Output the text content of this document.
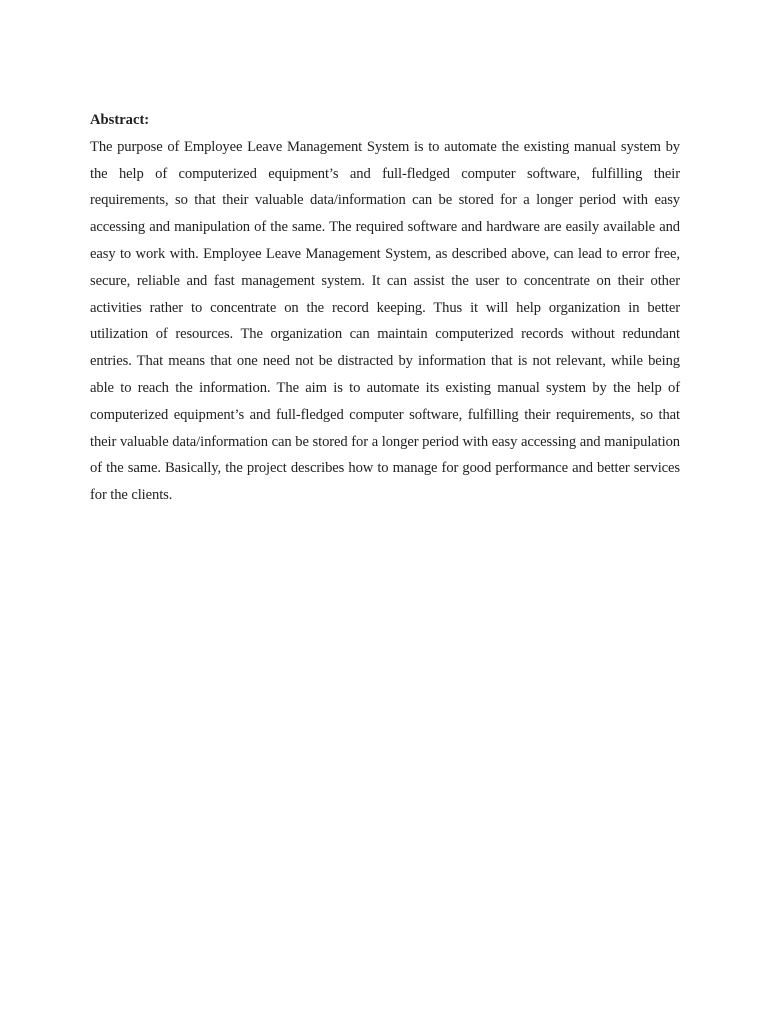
Abstract:

The purpose of Employee Leave Management System is to automate the existing manual system by the help of computerized equipment’s and full-fledged computer software, fulfilling their requirements, so that their valuable data/information can be stored for a longer period with easy accessing and manipulation of the same. The required software and hardware are easily available and easy to work with. Employee Leave Management System, as described above, can lead to error free, secure, reliable and fast management system. It can assist the user to concentrate on their other activities rather to concentrate on the record keeping. Thus it will help organization in better utilization of resources. The organization can maintain computerized records without redundant entries. That means that one need not be distracted by information that is not relevant, while being able to reach the information. The aim is to automate its existing manual system by the help of computerized equipment’s and full-fledged computer software, fulfilling their requirements, so that their valuable data/information can be stored for a longer period with easy accessing and manipulation of the same. Basically, the project describes how to manage for good performance and better services for the clients.
